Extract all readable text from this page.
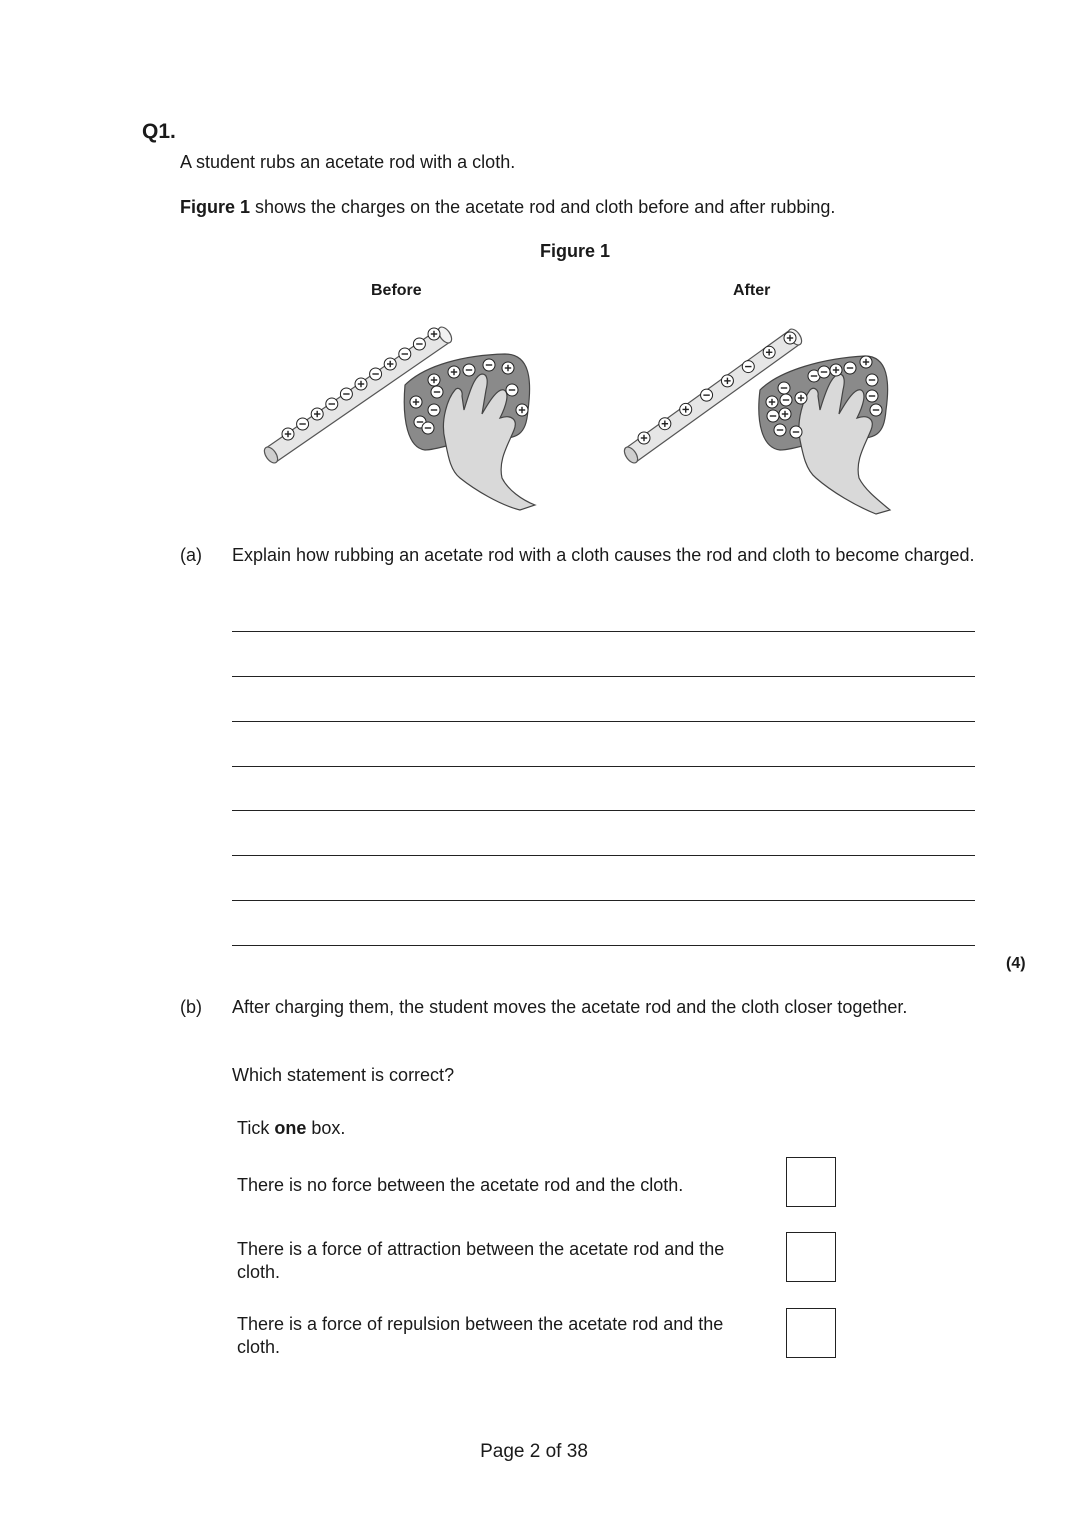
Q1.
A student rubs an acetate rod with a cloth.
Figure 1 shows the charges on the acetate rod and cloth before and after rubbing.
Figure 1
Before	After
(a) Explain how rubbing an acetate rod with a cloth causes the rod and cloth to become charged.
(4)
(b) After charging them, the student moves the acetate rod and the cloth closer together.
Which statement is correct?
Tick one box.
There is no force between the acetate rod and the cloth.
There is a force of attraction between the acetate rod and the cloth.
There is a force of repulsion between the acetate rod and the cloth.
Page 2 of 38
